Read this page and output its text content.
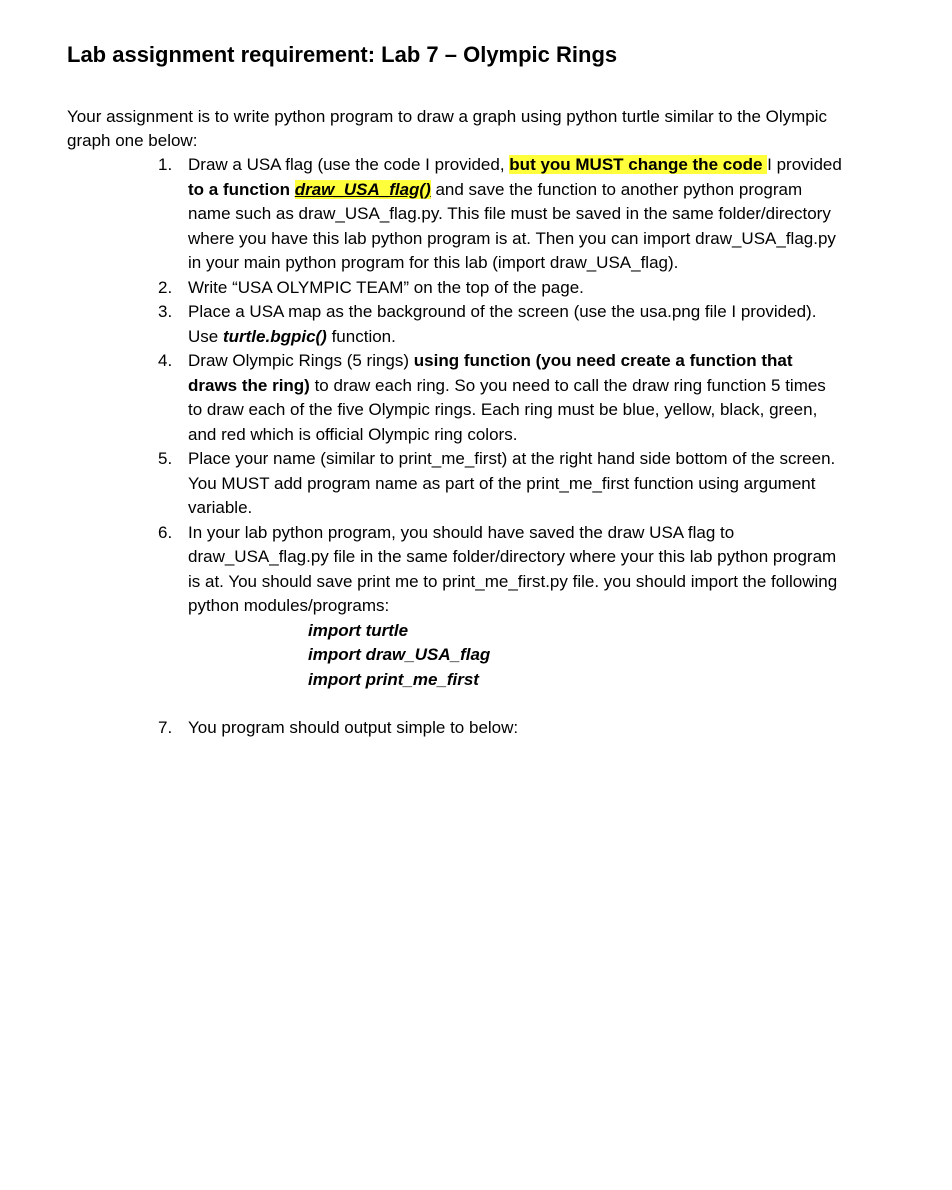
Lab assignment requirement: Lab 7 – Olympic Rings

Your assignment is to write python program to draw a graph using python turtle similar to the Olympic graph one below:

1. Draw a USA flag (use the code I provided, but you MUST change the code I provided to a function draw_USA_flag() and save the function to another python program name such as draw_USA_flag.py. This file must be saved in the same folder/directory where you have this lab python program is at. Then you can import draw_USA_flag.py in your main python program for this lab (import draw_USA_flag).
2. Write “USA OLYMPIC TEAM” on the top of the page.
3. Place a USA map as the background of the screen (use the usa.png file I provided). Use turtle.bgpic() function.
4. Draw Olympic Rings (5 rings) using function (you need create a function that draws the ring) to draw each ring. So you need to call the draw ring function 5 times to draw each of the five Olympic rings. Each ring must be blue, yellow, black, green, and red which is official Olympic ring colors.
5. Place your name (similar to print_me_first) at the right hand side bottom of the screen. You MUST add program name as part of the print_me_first function using argument variable.
6. In your lab python program, you should have saved the draw USA flag to draw_USA_flag.py file in the same folder/directory where your this lab python program is at. You should save print me to print_me_first.py file. you should import the following python modules/programs:
import turtle
import draw_USA_flag
import print_me_first
7. You program should output simple to below:
